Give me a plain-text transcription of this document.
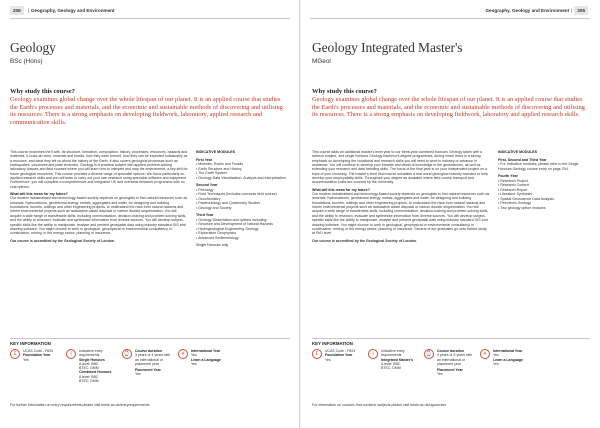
206	| Geography, Geology and Environment
Geology
BSc (Hons)
Why study this course?
Geology examines global change over the whole lifespan of our planet. It is an applied course that studies the Earth's processes and materials, and the economic and sustainable methods of discovering and utilising its resources. There is a strong emphasis on developing fieldwork, laboratory, applied research and communication skills.

This course examines the Earth, its structure, formation, composition, history, processes, resources, hazards and materials. It looks at rocks, minerals and fossils, how they were formed, how they can be exploited sustainably as a resource, and what they tell us about the history of the Earth. It also covers geological processes such as earthquakes, volcanoes and plate tectonics. Geology is a practical subject with applied problem-solving laboratory classes and field courses where you will learn how to interpret and map the environment, a key skill for future geological resources. This course provides a diverse range of specialist options. We focus particularly on applied research skills and you will learn to carry out your own research using specialist software and equipment. Furthermore, you will complete a comprehensive and integrated UK and overseas fieldwork programme with no cost options.

What will this mean for my future?

Our modern industrialised and technology-based society depends on geologists to find natural resources such as minerals, hydrocarbons, geothermal energy, metals, aggregates and water, for designing and building foundations, tunnels, cuttings and other engineering projects, to understand the risks from natural hazards and inform environmental projects such as radioactive waste disposal or carbon dioxide sequestration. You will acquire a wide range of transferable skills, including communication, decision-making and problem-solving skills, and the ability to research, evaluate and synthesise information from diverse sources. You will develop subject-specific skills like the ability to manipulate, analyse and present geospatial data using industry standard GIS and drawing software. You might choose to work in geological, geophysical or environmental consultancy, in construction, mining, in the energy sector, planning or insurance.

Our course is accredited by the Geological Society of London.

INDICATIVE MODULES
First Year
• Minerals, Rocks and Fossils
• Earth Structure and History
• The Earth System
• Geology Data Visualisation, Analysis and Interpretation
Second Year
• Petrology
• Field Techniques (includes overseas field course)
• Geochemistry
• Palaeontology and Quaternary Studies
• Geology and Society
Third Year
• Geology Dissertation and options including:
• Structure and Development of Natural Hazards
• Hydrogeological Engineering Geology
• Exploration Geophysics
• Advanced Sedimentology
Single Honours only
KEY INFORMATION
£	UCAS Code - F600
Foundation Year
Yes
i	Indicative entry requirements
Single Honours
A level: BBC
BTEC: DMM
Combined Honours
A level: BBC
BTEC: DMM
⌚	Course duration
3 years or 4 years with an international or placement year
Placement Year
Yes
✈	International Year
Yes
Learn a Language
Yes
For further information on entry requirements please visit keele.ac.uk/entryrequirements
Geography, Geology and Environment |	205
Geology Integrated Master's
MGeol
Why study this course?
Geology examines global change over the whole lifespan of our planet. It is an applied course that studies the Earth's processes and materials, and the economic and sustainable methods of discovering and utilising its resources. There is a strong emphasis on developing fieldwork, laboratory and applied research skills.

This course adds an additional master's level year to our three-year combined honours Geology taken with a science subject, and single honours Geology bachelor's degree programmes, during which there is a strong emphasis on developing the vocational and research skills you will need to work in industry or advance in academia. You will continue to develop your breadth and depth of knowledge in the geosciences, as well as extending your research and data handling skills. The focus of the final year is on your independent project on a topic of your choosing. The master's level field course simulates a real world geological industry scenario to help develop your employability skills. Throughout your degree as available where field course transport and accommodation costs are covered by the University.

What will this mean for my future?

Our modern industrialised and technology-based society depends on geologists to find natural resources such as minerals, hydrocarbons, geothermal energy, metals, aggregates and water, for designing and building foundations, tunnels, cuttings and other engineering projects, to understand the risks from natural hazards and inform environmental projects such as radioactive waste disposal or carbon dioxide sequestration. You will acquire a wide range of transferable skills, including communication, decision-making and problem-solving skills, and the ability to research, evaluate and synthesise information from diverse sources. You will develop subject-specific skills like the ability to manipulate, analyse and present geospatial data using industry standard GIS and drawing software. You might choose to work in geological, geophysical or environmental consultancy, in construction, mining, in the energy sector, planning or insurance. Several of our graduates go onto further study at PhD level.

Our course is accredited by the Geological Society of London.

INDICATIVE MODULES
First, Second and Third Year
• For Indicative modules, please refer to the Single Honours Geology course entry on page 204.
Fourth Year
• Research Project
• Research Context
• Research Report
• Literature Synthesis
• Spatial Geoscience Data Analysis
• Petroleum Geology
• Two geology option modules
KEY INFORMATION
£	UCAS Code - F603
Foundation Year
Yes
i	Indicative entry requirements
Integrated Master's
A level: BBC
BTEC: DMM
⌚	Course duration
4 years or 5 years with an international or placement year
Placement Year
Yes
✈	International Year
Yes
Learn a Language
Yes
For information on courses that combine subjects please visit keele.ac.uk/ugcourses
